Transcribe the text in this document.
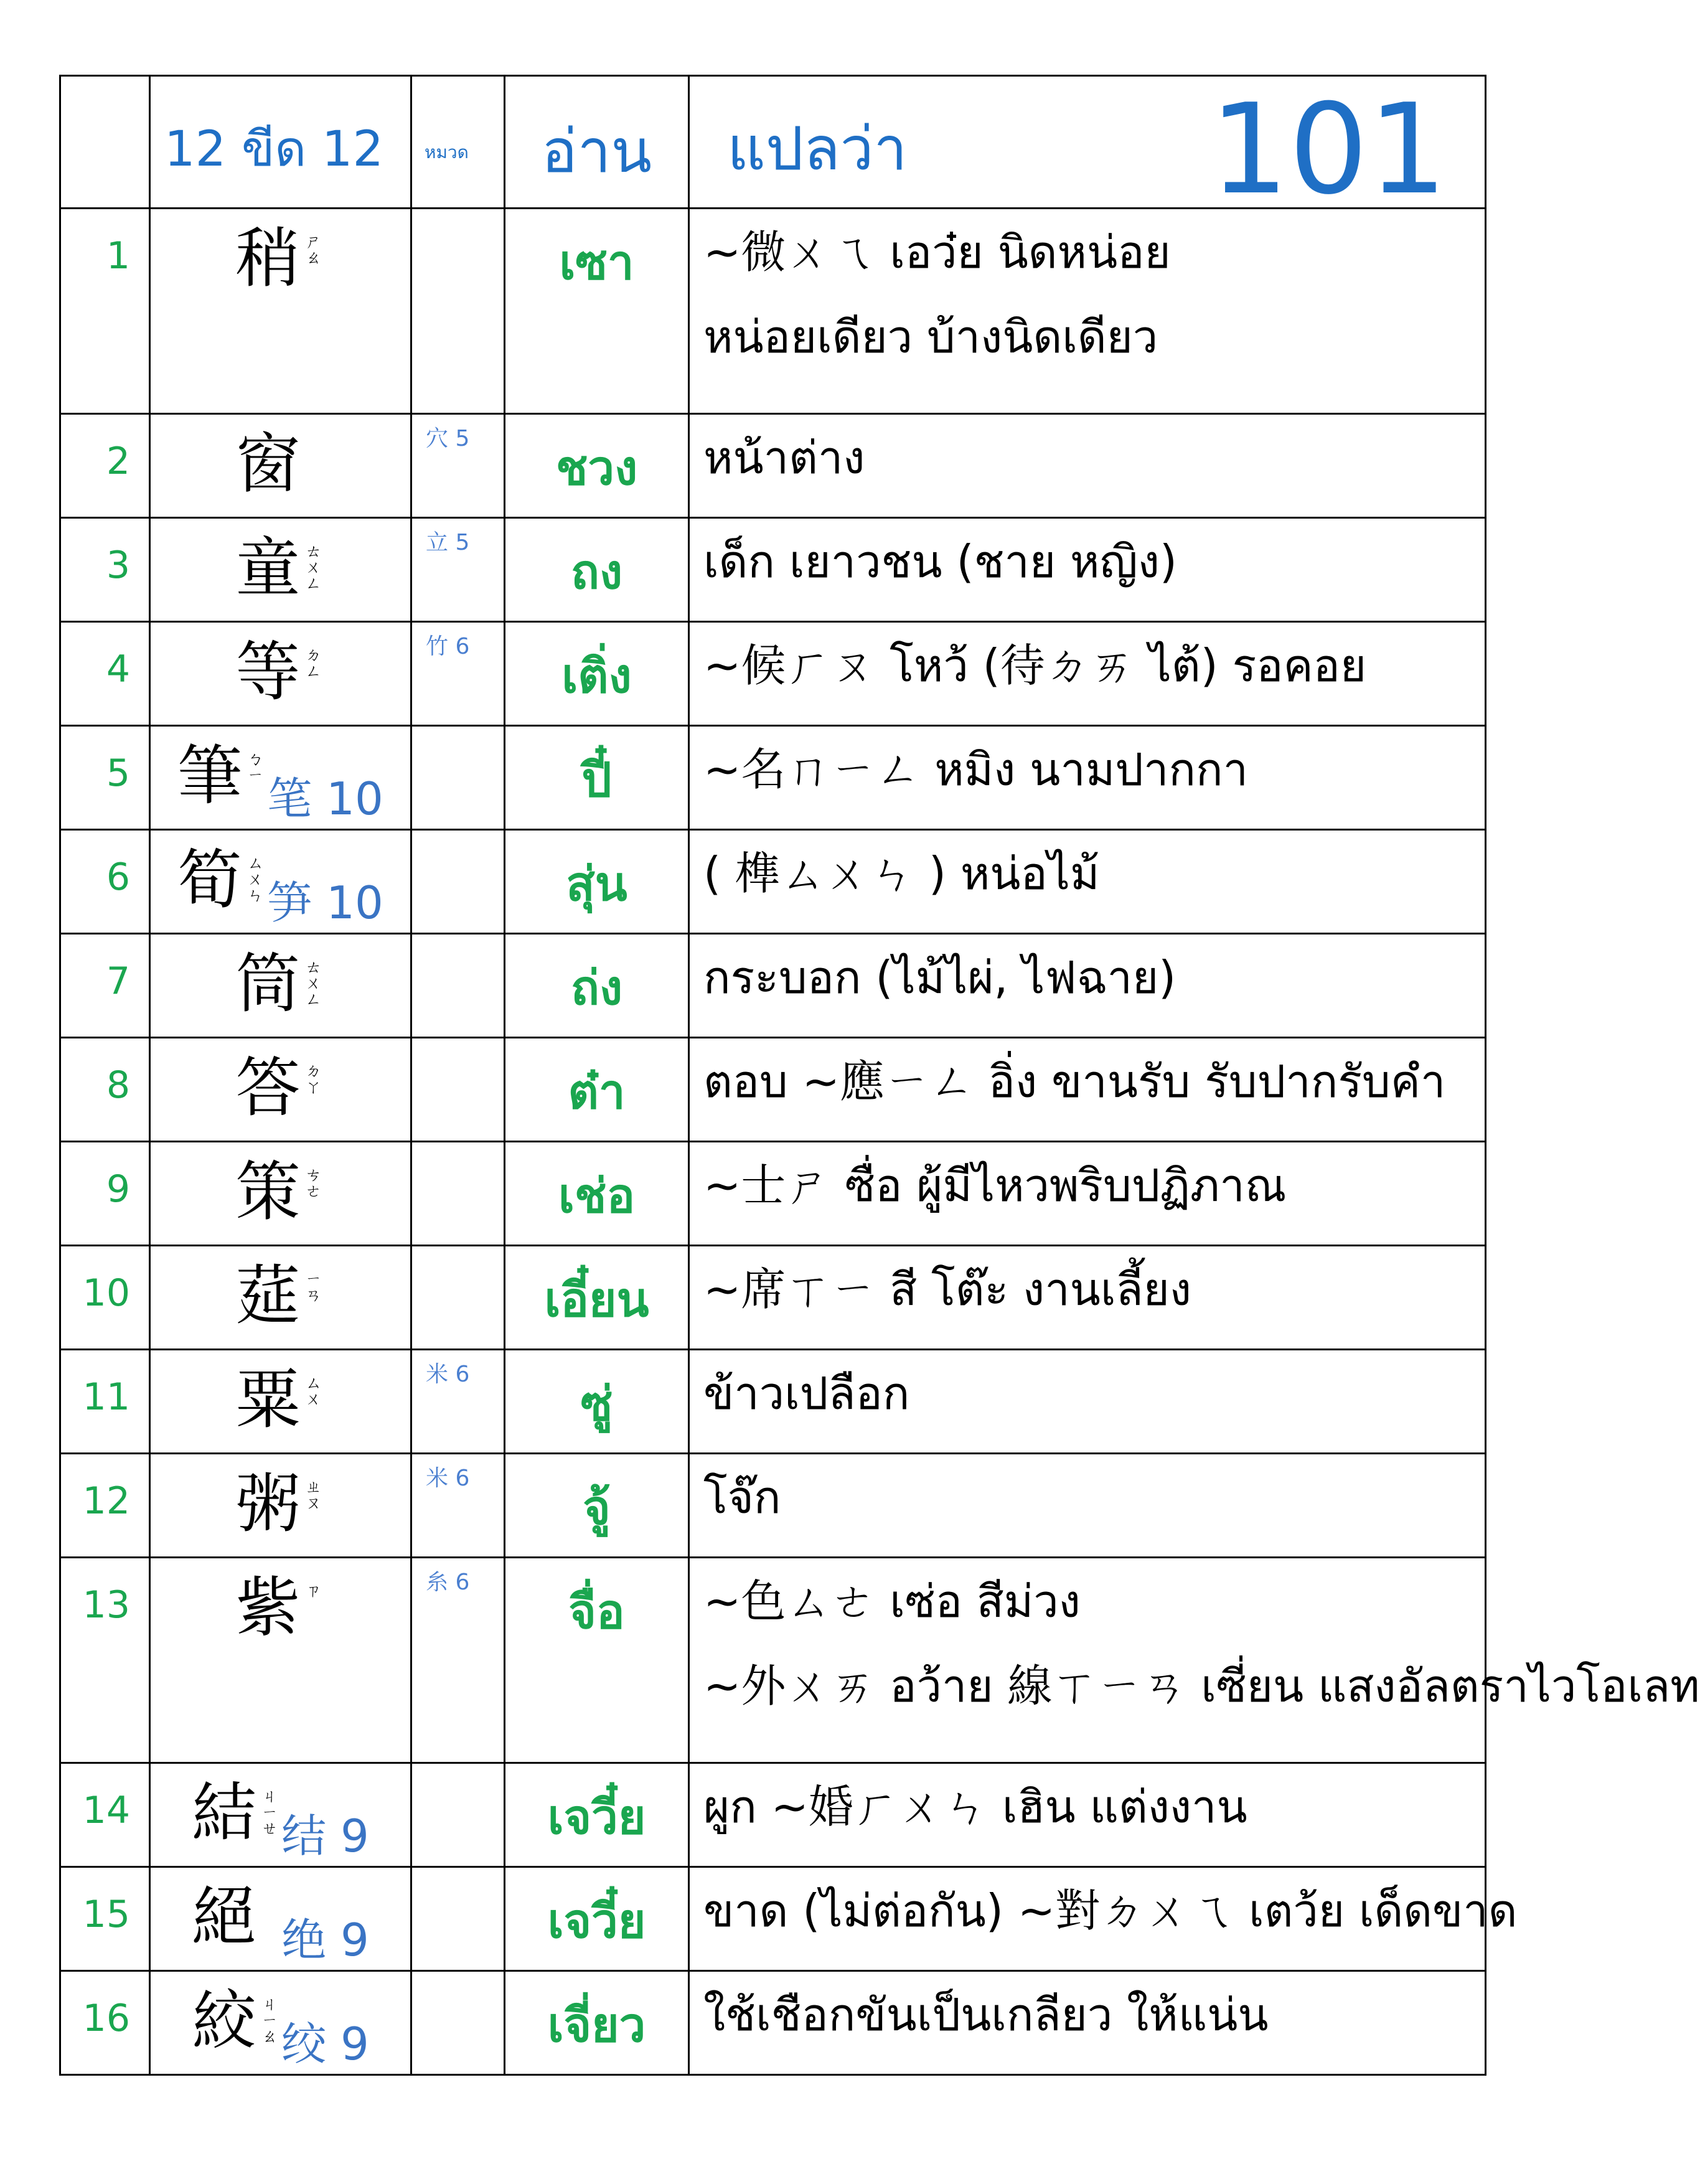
	12 ขีด 12	หมวด	อ่าน	แปลว่า 101

1	稍 ㄕㄠ		เซา	~微ㄨㄟ เอว๋ย นิดหน่อย
หน่อยเดียว บ้างนิดเดียว

2	窗	穴 5	ชวง	หน้าต่าง

3	童 ㄊㄨㄥ	立 5	ถง	เด็ก เยาวชน (ชาย หญิง)

4	等 ㄉㄥ	竹 6	เติ่ง	~候ㄏㄡ โหว้ (待ㄉㄞ ไต้) รอคอย

5	筆 ㄅㄧ 笔 10		ปี๋	~名ㄇㄧㄥ หมิง นามปากกา

6	筍 ㄙㄨㄣ 笋 10		สุ่น	( 榫ㄙㄨㄣ ) หน่อไม้

7	筒 ㄊㄨㄥ		ถ่ง	กระบอก (ไม้ไผ่, ไฟฉาย)

8	答 ㄉㄚ		ต๋า	ตอบ ~應ㄧㄥ อิ่ง ขานรับ รับปากรับคำ

9	策 ㄘㄜ		เช่อ	~士ㄕ ซื่อ ผู้มีไหวพริบปฏิภาณ

10	莚 ㄧㄢ		เอี๋ยน	~席ㄒㄧ สี โต๊ะ งานเลี้ยง

11	粟 ㄙㄨ	米 6	ซู่	ข้าวเปลือก

12	粥 ㄓㄡ	米 6	จู้	โจ๊ก

13	紫 ㄗ	糸 6	จื่อ	~色ㄙㄜ เซ่อ สีม่วง
~外ㄨㄞ อว้าย 線ㄒㄧㄢ เซี่ยน แสงอัลตราไวโอเลท

14	結 ㄐㄧㄝ 结 9		เจวี๋ย	ผูก ~婚ㄏㄨㄣ เฮิน แต่งงาน

15	絕 绝 9		เจวี๋ย	ขาด (ไม่ต่อกัน) ~對ㄉㄨㄟ เตว้ย เด็ดขาด

16	絞 ㄐㄧㄠ 绞 9		เจี่ยว	ใช้เชือกขันเป็นเกลียว ให้แน่น
